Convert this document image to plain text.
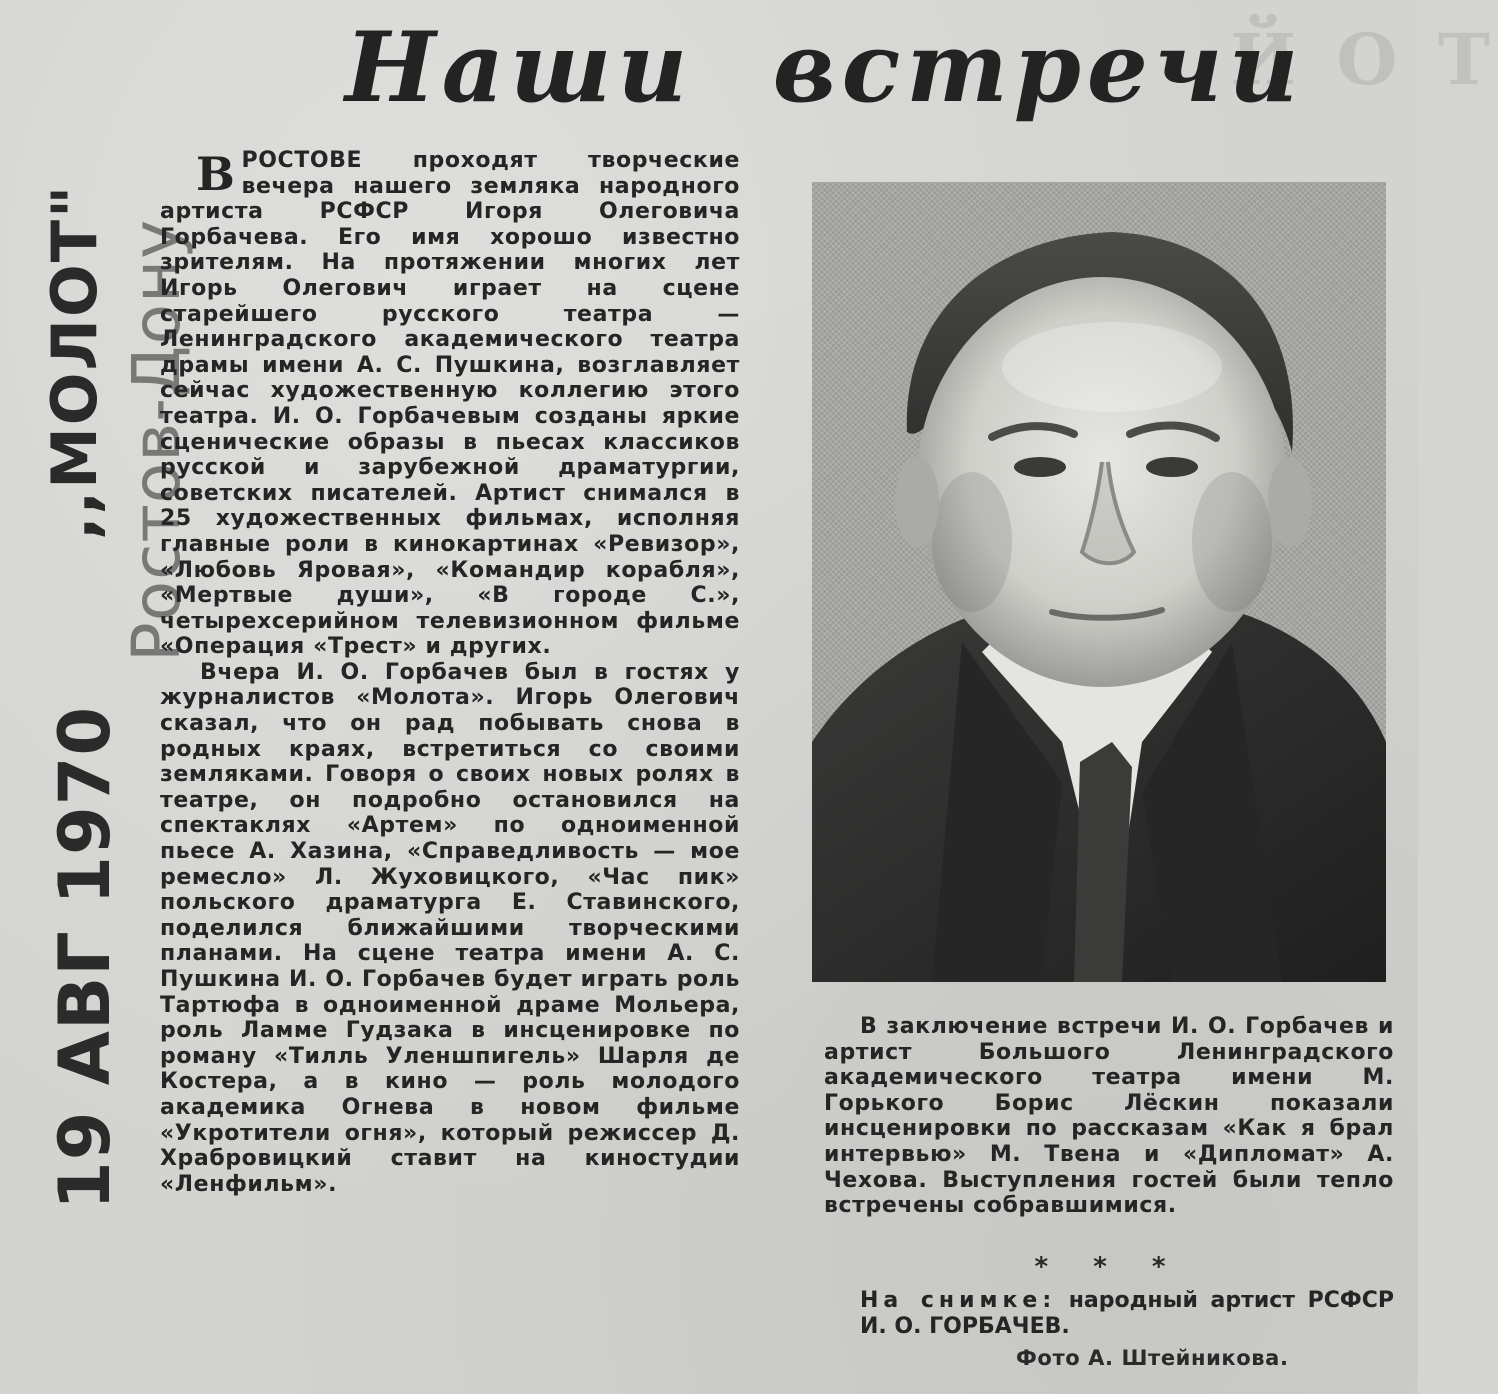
Й О Т
Наши встречи
,,МОЛОТ" Ростов-Дону
19 АВГ 1970

ВРОСТОВЕ проходят творческие вечера нашего земляка народного артиста РСФСР Игоря Олеговича Горбачева. Его имя хорошо известно зрителям. На протяжении многих лет Игорь Олегович играет на сцене старейшего русского театра — Ленинградского академического театра драмы имени А. С. Пушкина, возглавляет сейчас художественную коллегию этого театра. И. О. Горбачевым созданы яркие сценические образы в пьесах классиков русской и зарубежной драматургии, советских писателей. Артист снимался в 25 художественных фильмах, исполняя главные роли в кинокартинах «Ревизор», «Любовь Яровая», «Командир корабля», «Мертвые души», «В городе С.», четырехсерийном телевизионном фильме «Операция «Трест» и других.

Вчера И. О. Горбачев был в гостях у журналистов «Молота». Игорь Олегович сказал, что он рад побывать снова в родных краях, встретиться со своими земляками. Говоря о своих новых ролях в театре, он подробно остановился на спектаклях «Артем» по одноименной пьесе А. Хазина, «Справедливость — мое ремесло» Л. Жуховицкого, «Час пик» польского драматурга Е. Ставинского, поделился ближайшими творческими планами. На сцене театра имени А. С. Пушкина И. О. Горбачев будет играть роль Тартюфа в одноименной драме Мольера, роль Ламме Гудзака в инсценировке по роману «Тилль Уленшпигель» Шарля де Костера, а в кино — роль молодого академика Огнева в новом фильме «Укротители огня», который режиссер Д. Храбровицкий ставит на киностудии «Ленфильм».

В заключение встречи И. О. Горбачев и артист Большого Ленинградского академического театра имени М. Горького Борис Лёскин показали инсценировки по рассказам «Как я брал интервью» М. Твена и «Дипломат» А. Чехова. Выступления гостей были тепло встречены собравшимися.

* * *
На снимке: народный артист РСФСР И. О. ГОРБАЧЕВ.
Фото А. Штейникова.
